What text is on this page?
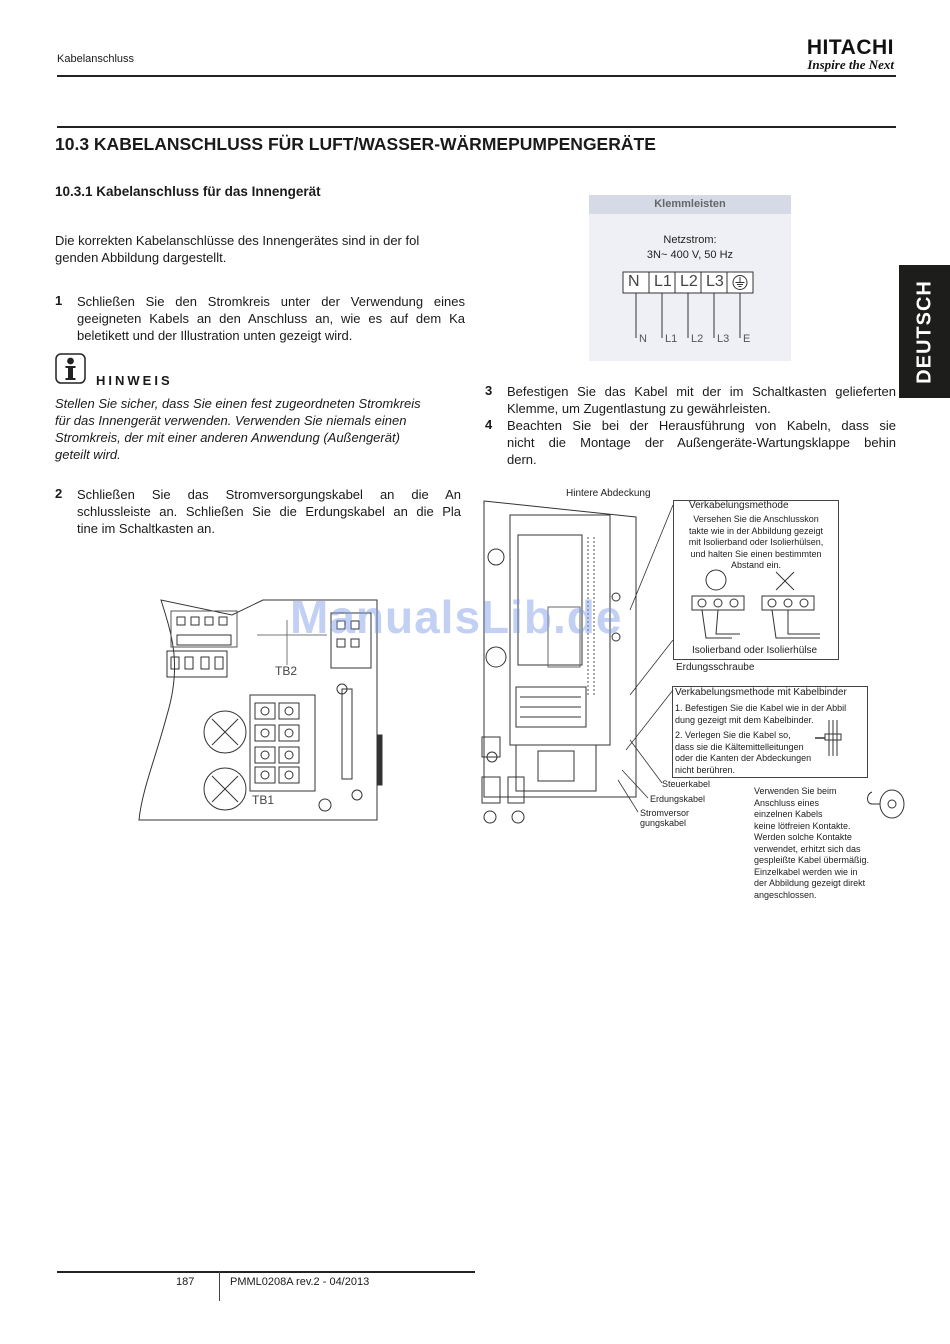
Kabelanschluss	HITACHI
Inspire the Next
10.3 KABELANSCHLUSS FÜR LUFT/WASSER-WÄRMEPUMPENGERÄTE
10.3.1 Kabelanschluss für das Innengerät
DEUTSCH
Die korrekten Kabelanschlüsse des Innengerätes sind in der fol
genden Abbildung dargestellt.
1 Schließen Sie den Stromkreis unter der Verwendung eines
geeigneten Kabels an den Anschluss an, wie es auf dem Ka
beletikett und der Illustration unten gezeigt wird.
HINWEIS
Stellen Sie sicher, dass Sie einen fest zugeordneten Stromkreis
für das Innengerät verwenden. Verwenden Sie niemals einen
Stromkreis, der mit einer anderen Anwendung (Außengerät)
geteilt wird.
2 Schließen Sie das Stromversorgungskabel an die An
schlussleiste an. Schließen Sie die Erdungskabel an die Pla
tine im Schaltkasten an.
Klemmleisten
Netzstrom:
3N~ 400 V, 50 Hz
N L1 L2 L3
N L1 L2 L3 E
3 Befestigen Sie das Kabel mit der im Schaltkasten gelieferten
Klemme, um Zugentlastung zu gewährleisten.
4 Beachten Sie bei der Herausführung von Kabeln, dass sie
nicht die Montage der Außengeräte-Wartungsklappe behin
dern.
TB2
TB1
Hintere Abdeckung
Verkabelungsmethode
Versehen Sie die Anschlusskon
takte wie in der Abbildung gezeigt
mit Isolierband oder Isolierhülsen,
und halten Sie einen bestimmten
Abstand ein.
Isolierband oder Isolierhülse
Erdungsschraube
Verkabelungsmethode mit Kabelbinder
1. Befestigen Sie die Kabel wie in der Abbil
dung gezeigt mit dem Kabelbinder.
2. Verlegen Sie die Kabel so,
dass sie die Kältemittelleitungen
oder die Kanten der Abdeckungen
nicht berühren.
Steuerkabel
Erdungskabel
Stromversor
gungskabel
Verwenden Sie beim
Anschluss eines
einzelnen Kabels
keine lötfreien Kontakte.
Werden solche Kontakte
verwendet, erhitzt sich das
gespleißte Kabel übermäßig.
Einzelkabel werden wie in
der Abbildung gezeigt direkt
angeschlossen.
ManualsLib.de
187	PMML0208A rev.2 - 04/2013
